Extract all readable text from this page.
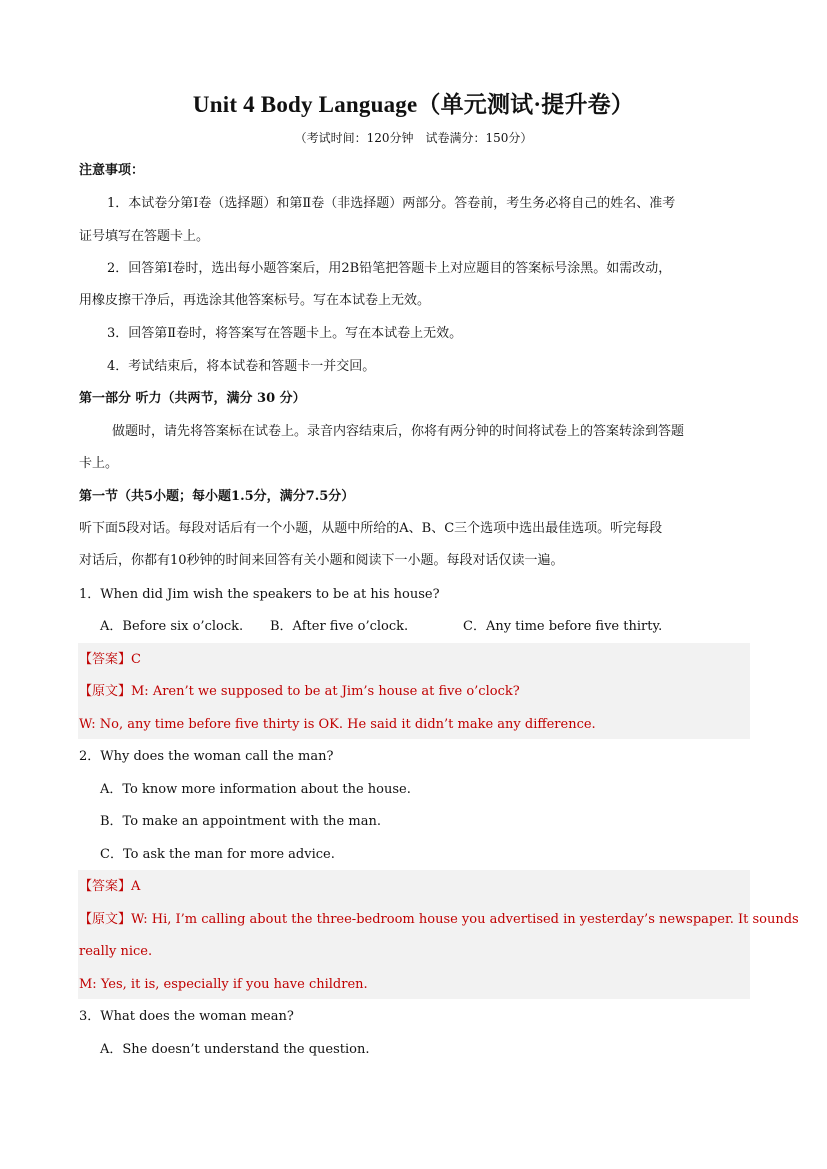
Unit 4 Body Language（单元测试·提升卷）
（考试时间：120分钟　试卷满分：150分）
注意事项：
1．本试卷分第Ⅰ卷（选择题）和第Ⅱ卷（非选择题）两部分。答卷前，考生务必将自己的姓名、准考
证号填写在答题卡上。
2．回答第Ⅰ卷时，选出每小题答案后，用2B铅笔把答题卡上对应题目的答案标号涂黑。如需改动，
用橡皮擦干净后，再选涂其他答案标号。写在本试卷上无效。
3．回答第Ⅱ卷时，将答案写在答题卡上。写在本试卷上无效。
4．考试结束后，将本试卷和答题卡一并交回。
第一部分 听力（共两节，满分 30 分）
做题时，请先将答案标在试卷上。录音内容结束后，你将有两分钟的时间将试卷上的答案转涂到答题
卡上。
第一节（共5小题；每小题1.5分，满分7.5分）
听下面5段对话。每段对话后有一个小题，从题中所给的A、B、C三个选项中选出最佳选项。听完每段
对话后，你都有10秒钟的时间来回答有关小题和阅读下一小题。每段对话仅读一遍。
1．When did Jim wish the speakers to be at his house?
A．Before six o’clock.	B．After five o’clock.	C．Any time before five thirty.
【答案】C
【原文】M: Aren’t we supposed to be at Jim’s house at five o’clock?
W: No, any time before five thirty is OK. He said it didn’t make any difference.
2．Why does the woman call the man?
A．To know more information about the house.
B．To make an appointment with the man.
C．To ask the man for more advice.
【答案】A
【原文】W: Hi, I’m calling about the three-bedroom house you advertised in yesterday’s newspaper. It sounds
really nice.
M: Yes, it is, especially if you have children.
3．What does the woman mean?
A．She doesn’t understand the question.
